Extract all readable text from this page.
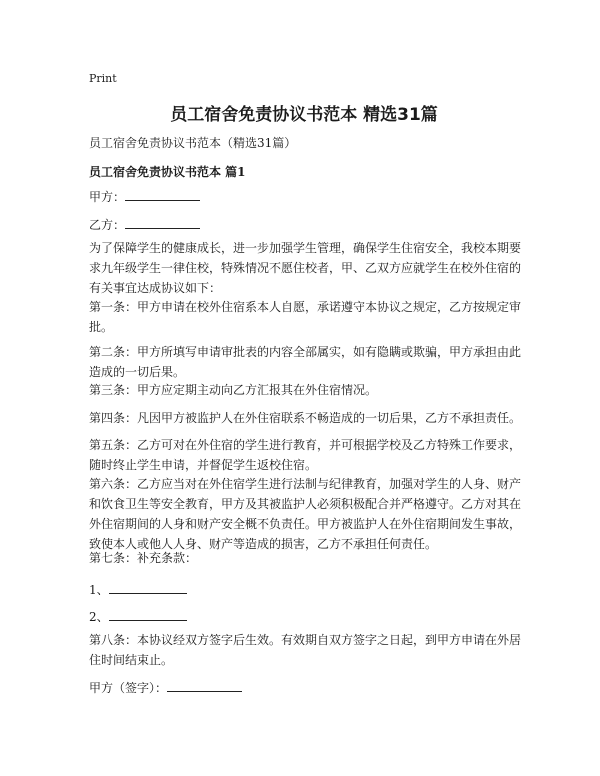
Print
员工宿舍免责协议书范本 精选31篇
员工宿舍免责协议书范本（精选31篇）
员工宿舍免责协议书范本 篇1
甲方：
乙方：

为了保障学生的健康成长，进一步加强学生管理，确保学生住宿安全，我校本期要求九年级学生一律住校，特殊情况不愿住校者，甲、乙双方应就学生在校外住宿的有关事宜达成协议如下：

第一条：甲方申请在校外住宿系本人自愿，承诺遵守本协议之规定，乙方按规定审批。

第二条：甲方所填写申请审批表的内容全部属实，如有隐瞒或欺骗，甲方承担由此造成的一切后果。

第三条：甲方应定期主动向乙方汇报其在外住宿情况。

第四条：凡因甲方被监护人在外住宿联系不畅造成的一切后果，乙方不承担责任。

第五条：乙方可对在外住宿的学生进行教育，并可根据学校及乙方特殊工作要求，随时终止学生申请，并督促学生返校住宿。

第六条：乙方应当对在外住宿学生进行法制与纪律教育，加强对学生的人身、财产和饮食卫生等安全教育，甲方及其被监护人必须积极配合并严格遵守。乙方对其在外住宿期间的人身和财产安全概不负责任。甲方被监护人在外住宿期间发生事故，致使本人或他人人身、财产等造成的损害，乙方不承担任何责任。

第七条：补充条款：

1、
2、

第八条：本协议经双方签字后生效。有效期自双方签字之日起，到甲方申请在外居住时间结束止。

甲方（签字）：
